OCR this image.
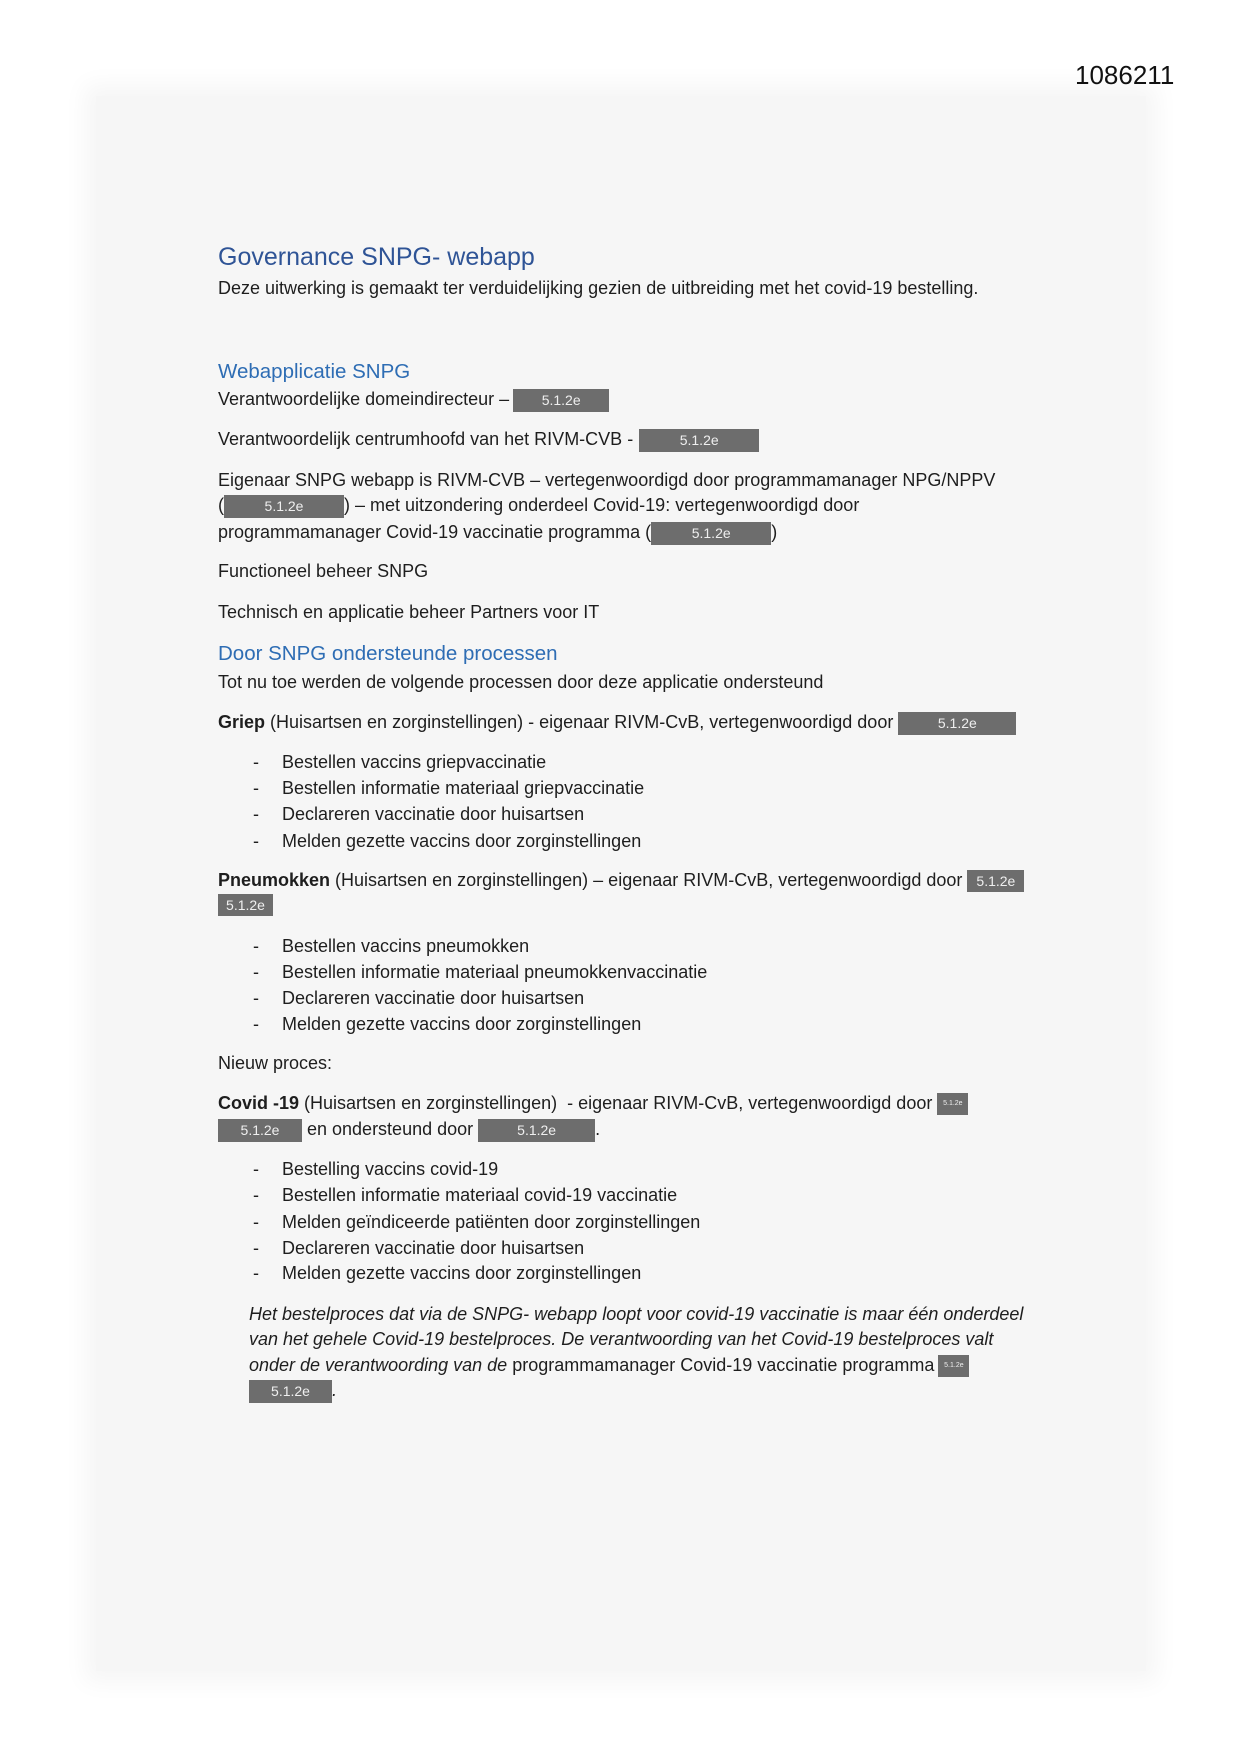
1086211
Governance SNPG- webapp
Deze uitwerking is gemaakt ter verduidelijking gezien de uitbreiding met het covid-19 bestelling.
Webapplicatie SNPG
Verantwoordelijke domeindirecteur – 5.1.2e
Verantwoordelijk centrumhoofd van het RIVM-CVB -	5.1.2e
Eigenaar SNPG webapp is RIVM-CVB – vertegenwoordigd door programmamanager NPG/NPPV
(	5.1.2e ) – met uitzondering onderdeel Covid-19: vertegenwoordigd door
programmamanager Covid-19 vaccinatie programma (	5.1.2e )
Functioneel beheer SNPG
Technisch en applicatie beheer Partners voor IT
Door SNPG ondersteunde processen
Tot nu toe werden de volgende processen door deze applicatie ondersteund
Griep (Huisartsen en zorginstellingen) - eigenaar RIVM-CvB, vertegenwoordigd door	5.1.2e
- Bestellen vaccins griepvaccinatie
- Bestellen informatie materiaal griepvaccinatie
- Declareren vaccinatie door huisartsen
- Melden gezette vaccins door zorginstellingen
Pneumokken (Huisartsen en zorginstellingen) – eigenaar RIVM-CvB, vertegenwoordigd door 5.1.2e
5.1.2e
- Bestellen vaccins pneumokken
- Bestellen informatie materiaal pneumokkenvaccinatie
- Declareren vaccinatie door huisartsen
- Melden gezette vaccins door zorginstellingen
Nieuw proces:
Covid -19 (Huisartsen en zorginstellingen)  - eigenaar RIVM-CvB, vertegenwoordigd door 5.1.2e
5.1.2e en ondersteund door	5.1.2e .
- Bestelling vaccins covid-19
- Bestellen informatie materiaal covid-19 vaccinatie
- Melden geïndiceerde patiënten door zorginstellingen
- Declareren vaccinatie door huisartsen
- Melden gezette vaccins door zorginstellingen
Het bestelproces dat via de SNPG- webapp loopt voor covid-19 vaccinatie is maar één onderdeel
van het gehele Covid-19 bestelproces. De verantwoording van het Covid-19 bestelproces valt
onder de verantwoording van de programmamanager Covid-19 vaccinatie programma 5.1.2e
5.1.2e .
